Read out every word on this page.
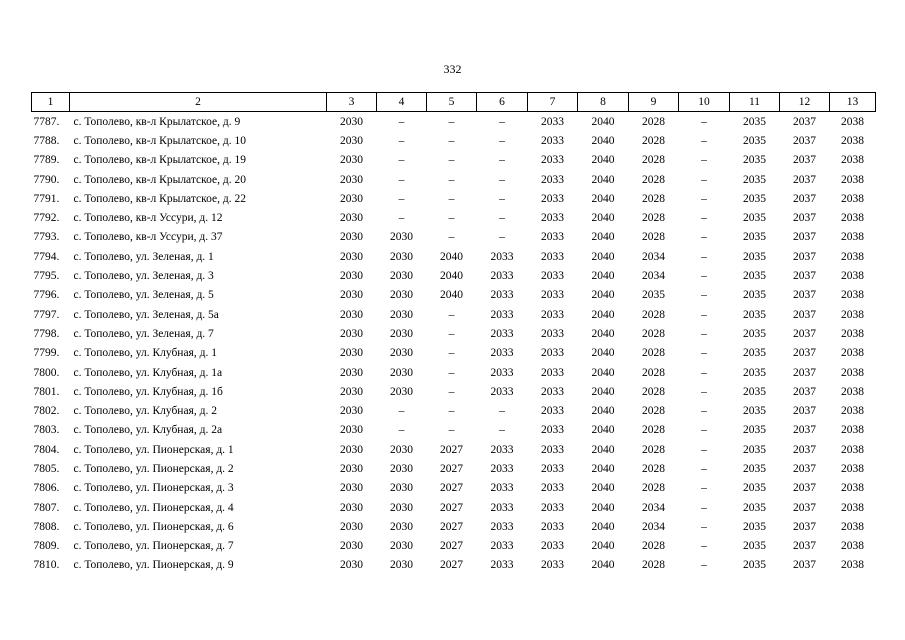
332
1	2	3	4	5	6	7	8	9	10	11	12	13
7787.	с. Тополево, кв-л Крылатское, д. 9	2030	–	–	–	2033	2040	2028	–	2035	2037	2038
7788.	с. Тополево, кв-л Крылатское, д. 10	2030	–	–	–	2033	2040	2028	–	2035	2037	2038
7789.	с. Тополево, кв-л Крылатское, д. 19	2030	–	–	–	2033	2040	2028	–	2035	2037	2038
7790.	с. Тополево, кв-л Крылатское, д. 20	2030	–	–	–	2033	2040	2028	–	2035	2037	2038
7791.	с. Тополево, кв-л Крылатское, д. 22	2030	–	–	–	2033	2040	2028	–	2035	2037	2038
7792.	с. Тополево, кв-л Уссури, д. 12	2030	–	–	–	2033	2040	2028	–	2035	2037	2038
7793.	с. Тополево, кв-л Уссури, д. 37	2030	2030	–	–	2033	2040	2028	–	2035	2037	2038
7794.	с. Тополево, ул. Зеленая, д. 1	2030	2030	2040	2033	2033	2040	2034	–	2035	2037	2038
7795.	с. Тополево, ул. Зеленая, д. 3	2030	2030	2040	2033	2033	2040	2034	–	2035	2037	2038
7796.	с. Тополево, ул. Зеленая, д. 5	2030	2030	2040	2033	2033	2040	2035	–	2035	2037	2038
7797.	с. Тополево, ул. Зеленая, д. 5а	2030	2030	–	2033	2033	2040	2028	–	2035	2037	2038
7798.	с. Тополево, ул. Зеленая, д. 7	2030	2030	–	2033	2033	2040	2028	–	2035	2037	2038
7799.	с. Тополево, ул. Клубная, д. 1	2030	2030	–	2033	2033	2040	2028	–	2035	2037	2038
7800.	с. Тополево, ул. Клубная, д. 1а	2030	2030	–	2033	2033	2040	2028	–	2035	2037	2038
7801.	с. Тополево, ул. Клубная, д. 1б	2030	2030	–	2033	2033	2040	2028	–	2035	2037	2038
7802.	с. Тополево, ул. Клубная, д. 2	2030	–	–	–	2033	2040	2028	–	2035	2037	2038
7803.	с. Тополево, ул. Клубная, д. 2а	2030	–	–	–	2033	2040	2028	–	2035	2037	2038
7804.	с. Тополево, ул. Пионерская, д. 1	2030	2030	2027	2033	2033	2040	2028	–	2035	2037	2038
7805.	с. Тополево, ул. Пионерская, д. 2	2030	2030	2027	2033	2033	2040	2028	–	2035	2037	2038
7806.	с. Тополево, ул. Пионерская, д. 3	2030	2030	2027	2033	2033	2040	2028	–	2035	2037	2038
7807.	с. Тополево, ул. Пионерская, д. 4	2030	2030	2027	2033	2033	2040	2034	–	2035	2037	2038
7808.	с. Тополево, ул. Пионерская, д. 6	2030	2030	2027	2033	2033	2040	2034	–	2035	2037	2038
7809.	с. Тополево, ул. Пионерская, д. 7	2030	2030	2027	2033	2033	2040	2028	–	2035	2037	2038
7810.	с. Тополево, ул. Пионерская, д. 9	2030	2030	2027	2033	2033	2040	2028	–	2035	2037	2038
